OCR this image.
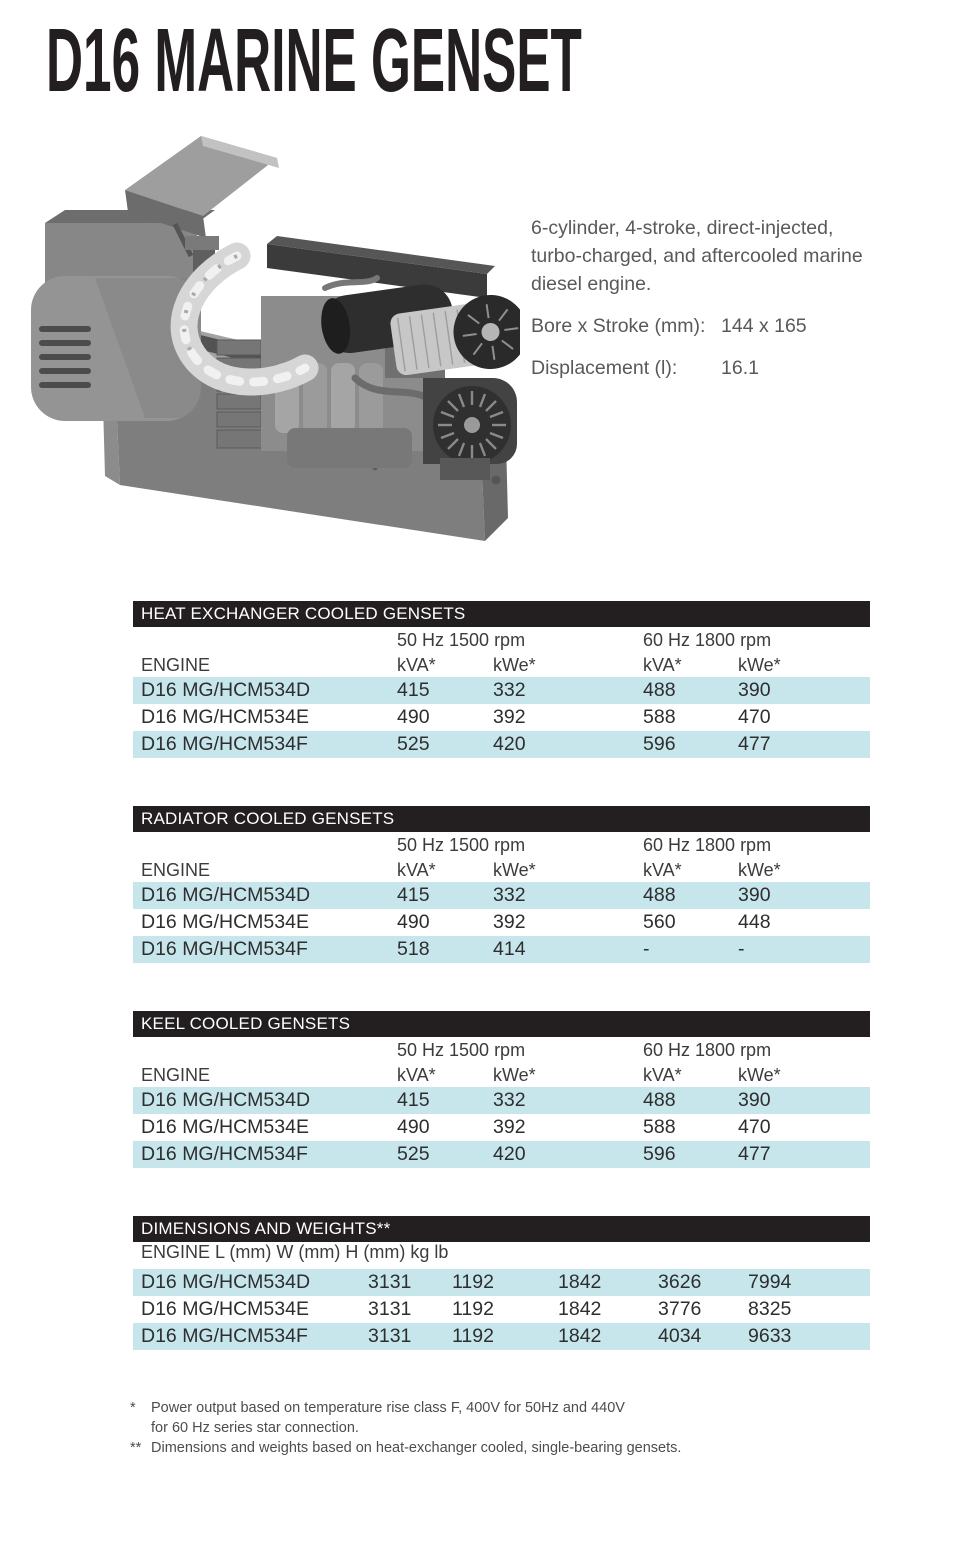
D16 MARINE GENSET

6-cylinder, 4-stroke, direct-injected, turbo-charged, and aftercooled marine diesel engine.

Bore x Stroke (mm): 144 x 165
Displacement (l):	16.1
HEAT EXCHANGER COOLED GENSETS
50 Hz 1500 rpm	60 Hz 1800 rpm
ENGINE	kVA*	kWe*	kVA*	kWe*
D16 MG/HCM534D	415	332	488	390
D16 MG/HCM534E	490	392	588	470
D16 MG/HCM534F	525	420	596	477
RADIATOR COOLED GENSETS
50 Hz 1500 rpm	60 Hz 1800 rpm
ENGINE	kVA*	kWe*	kVA*	kWe*
D16 MG/HCM534D	415	332	488	390
D16 MG/HCM534E	490	392	560	448
D16 MG/HCM534F	518	414	-	-
KEEL COOLED GENSETS
50 Hz 1500 rpm	60 Hz 1800 rpm
ENGINE	kVA*	kWe*	kVA*	kWe*
D16 MG/HCM534D	415	332	488	390
D16 MG/HCM534E	490	392	588	470
D16 MG/HCM534F	525	420	596	477
DIMENSIONS AND WEIGHTS**
ENGINE L (mm) W (mm) H (mm) kg lb
D16 MG/HCM534D	3131	1192	1842	3626	7994
D16 MG/HCM534E	3131	1192	1842	3776	8325
D16 MG/HCM534F	3131	1192	1842	4034	9633
*	Power output based on temperature rise class F, 400V for 50Hz and 440V
for 60 Hz series star connection.
** Dimensions and weights based on heat-exchanger cooled, single-bearing gensets.
